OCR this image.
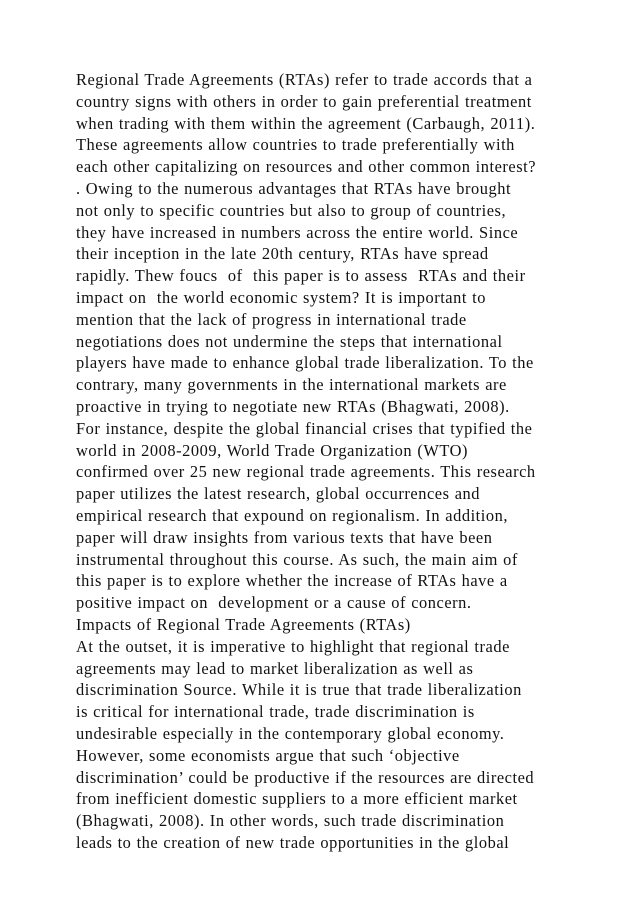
Regional Trade Agreements (RTAs) refer to trade accords that a
country signs with others in order to gain preferential treatment
when trading with them within the agreement (Carbaugh, 2011).
These agreements allow countries to trade preferentially with
each other capitalizing on resources and other common interest?
. Owing to the numerous advantages that RTAs have brought
not only to specific countries but also to group of countries,
they have increased in numbers across the entire world. Since
their inception in the late 20th century, RTAs have spread
rapidly. Thew foucs  of  this paper is to assess  RTAs and their
impact on  the world economic system? It is important to
mention that the lack of progress in international trade
negotiations does not undermine the steps that international
players have made to enhance global trade liberalization. To the
contrary, many governments in the international markets are
proactive in trying to negotiate new RTAs (Bhagwati, 2008).
For instance, despite the global financial crises that typified the
world in 2008-2009, World Trade Organization (WTO)
confirmed over 25 new regional trade agreements. This research
paper utilizes the latest research, global occurrences and
empirical research that expound on regionalism. In addition,
paper will draw insights from various texts that have been
instrumental throughout this course. As such, the main aim of
this paper is to explore whether the increase of RTAs have a
positive impact on  development or a cause of concern.
Impacts of Regional Trade Agreements (RTAs)
At the outset, it is imperative to highlight that regional trade
agreements may lead to market liberalization as well as
discrimination Source. While it is true that trade liberalization
is critical for international trade, trade discrimination is
undesirable especially in the contemporary global economy.
However, some economists argue that such ‘objective
discrimination’ could be productive if the resources are directed
from inefficient domestic suppliers to a more efficient market
(Bhagwati, 2008). In other words, such trade discrimination
leads to the creation of new trade opportunities in the global
